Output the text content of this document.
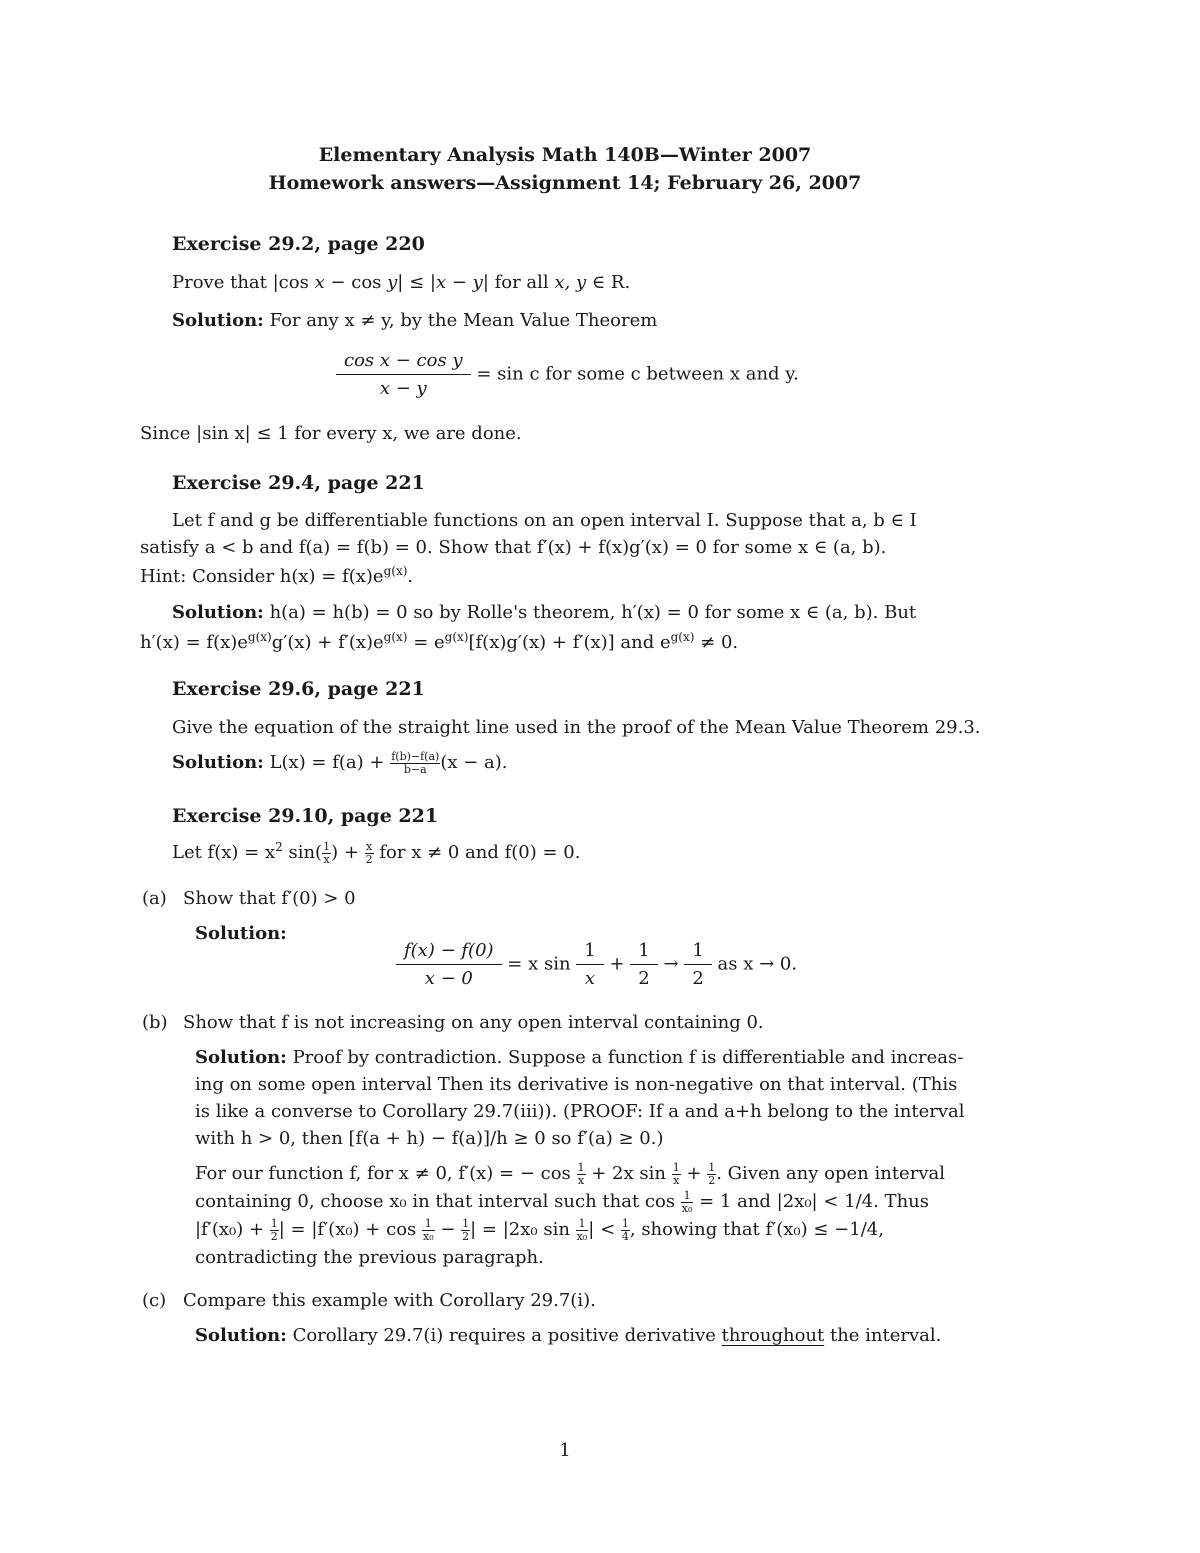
Elementary Analysis Math 140B—Winter 2007
Homework answers—Assignment 14; February 26, 2007
Exercise 29.2, page 220
Prove that |cos x − cos y| ≤ |x − y| for all x, y ∈ R.
Solution: For any x ≠ y, by the Mean Value Theorem
$\frac{\text{cos x − cos y}}{x - y} = \sin c$ for some c between x and y.
Since |sin x| ≤ 1 for every x, we are done.
Exercise 29.4, page 221
Let f and g be differentiable functions on an open interval I. Suppose that a, b ∈ I
satisfy a < b and f(a) = f(b) = 0. Show that f′(x) + f(x)g′(x) = 0 for some x ∈ (a, b).
Hint: Consider $h(x) = f(x)e^{g(x)}$.
Solution: h(a) = h(b) = 0 so by Rolle's theorem, h′(x) = 0 for some x ∈ (a, b). But
$h'(x) = f(x)e^{g(x)}g'(x) + f'(x)e^{g(x)} = e^{g(x)}[f(x)g'(x) + f'(x)]$ and $e^{g(x)} \ne 0$.
Exercise 29.6, page 221
Give the equation of the straight line used in the proof of the Mean Value Theorem 29.3.
Solution: $L(x) = f(a) + \frac{f(b)-f(a)}{b-a} (x - a)$.
Exercise 29.10, page 221
Let $f(x) = x^2$ $\sin( \frac{1}{x}$ ) + $\frac{x}{2}$ for x ≠ 0 and f(0) = 0.
(a) Show that f′(0) > 0
Solution:
$\frac{f(x) - f(0)}{x - 0} = x$ $\sin \frac{1}{x} + \frac{1}{2} \to \frac{1}{2}$ as x → 0.
(b) Show that f is not increasing on any open interval containing 0.
Solution: Proof by contradiction. Suppose a function f is differentiable and increas-
ing on some open interval Then its derivative is non-negative on that interval. (This
is like a converse to Corollary 29.7(iii)). (PROOF: If a and a+h belong to the interval
with h > 0, then [f(a + h) − f(a)]/h ≥ 0 so f′(a) ≥ 0.)
For our function f, for x ≠ 0, f′(x) = − $\cos \frac{1}{x} + 2x$ $\sin \frac{1}{x} + \frac{1}{2}$ . Given any open interval
containing 0, choose x₀ in that interval such that $\cos \frac{1}{\text{x₀}} = 1$ and |2x₀| < 1/4. Thus
$|f'(x_0) + \frac{1}{2}$ | = $|f'(x_0) + \cos \frac{1}{\text{x₀}} - \frac{1}{2}$ | = |2x₀ $\sin \frac{1}{\text{x₀}}$ | < $\frac{1}{4}$ , showing that f′(x₀) ≤ −1/4,
contradicting the previous paragraph.
(c) Compare this example with Corollary 29.7(i).
Solution: Corollary 29.7(i) requires a positive derivative throughout the interval.
1
